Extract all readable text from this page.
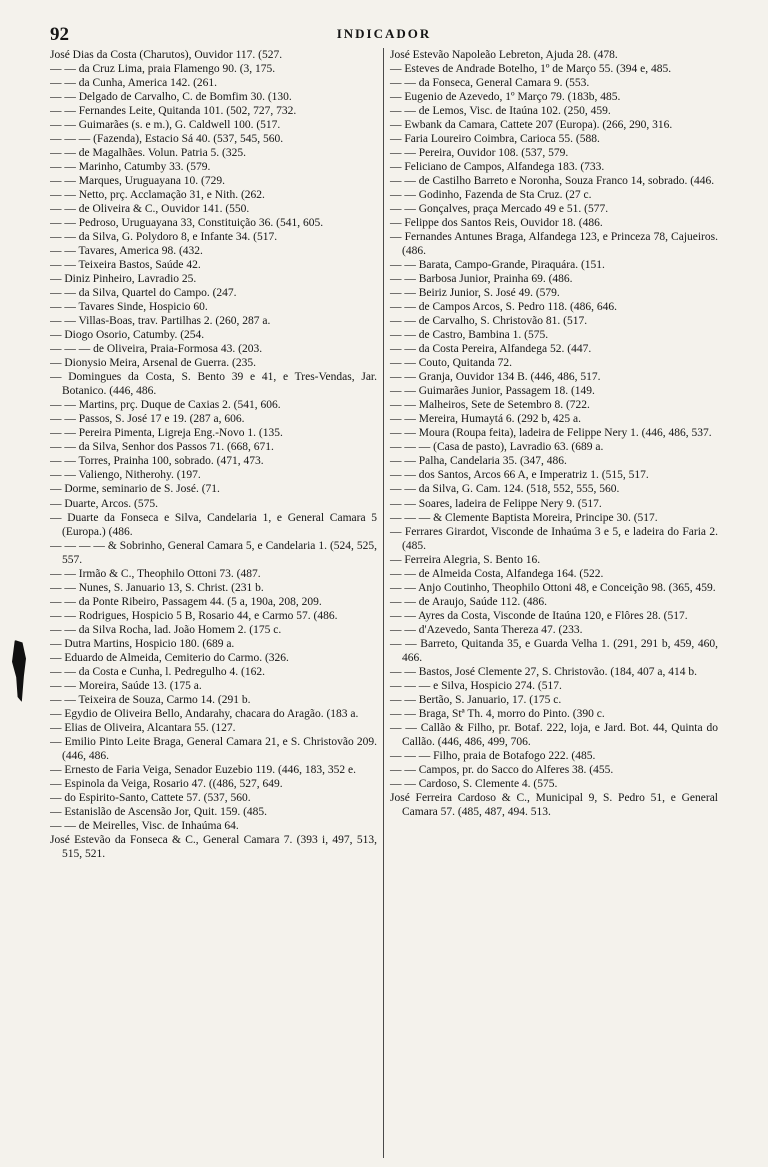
92	INDICADOR

José Dias da Costa (Charutos), Ouvidor 117. (527.

— — da Cruz Lima, praia Flamengo 90. (3, 175.

— — da Cunha, America 142. (261.

— — Delgado de Carvalho, C. de Bomfim 30. (130.

— — Fernandes Leite, Quitanda 101. (502, 727, 732.

— — Guimarães (s. e m.), G. Caldwell 100. (517.

— — — (Fazenda), Estacio Sá 40. (537, 545, 560.

— — de Magalhães. Volun. Patria 5. (325.

— — Marinho, Catumby 33. (579.

— — Marques, Uruguayana 10. (729.

— — Netto, prç. Acclamação 31, e Nith. (262.

— — de Oliveira & C., Ouvidor 141. (550.

— — Pedroso, Uruguayana 33, Constituição 36. (541, 605.

— — da Silva, G. Polydoro 8, e Infante 34. (517.

— — Tavares, America 98. (432.

— — Teixeira Bastos, Saúde 42.

— Diniz Pinheiro, Lavradio 25.

— — da Silva, Quartel do Campo. (247.

— — Tavares Sinde, Hospicio 60.

— — Villas-Boas, trav. Partilhas 2. (260, 287 a.

— Diogo Osorio, Catumby. (254.

— — — de Oliveira, Praia-Formosa 43. (203.

— Dionysio Meira, Arsenal de Guerra. (235.

— Domingues da Costa, S. Bento 39 e 41, e Tres-Vendas, Jar. Botanico. (446, 486.

— — Martins, prç. Duque de Caxias 2. (541, 606.

— — Passos, S. José 17 e 19. (287 a, 606.

— — Pereira Pimenta, Ligreja Eng.-Novo 1. (135.

— — da Silva, Senhor dos Passos 71. (668, 671.

— — Torres, Prainha 100, sobrado. (471, 473.

— — Valiengo, Nitherohy. (197.

— Dorme, seminario de S. José. (71.

— Duarte, Arcos. (575.

— Duarte da Fonseca e Silva, Candelaria 1, e General Camara 5 (Europa.) (486.

— — — — & Sobrinho, General Camara 5, e Candelaria 1. (524, 525, 557.

— — Irmão & C., Theophilo Ottoni 73. (487.

— — Nunes, S. Januario 13, S. Christ. (231 b.

— — da Ponte Ribeiro, Passagem 44. (5 a, 190a, 208, 209.

— — Rodrigues, Hospicio 5 B, Rosario 44, e Carmo 57. (486.

— — da Silva Rocha, lad. João Homem 2. (175 c.

— Dutra Martins, Hospicio 180. (689 a.

— Eduardo de Almeida, Cemiterio do Carmo. (326.

— — da Costa e Cunha, l. Pedregulho 4. (162.

— — Moreira, Saúde 13. (175 a.

— — Teixeira de Souza, Carmo 14. (291 b.

— Egydio de Oliveira Bello, Andarahy, chacara do Aragão. (183 a.

— Elias de Oliveira, Alcantara 55. (127.

— Emilio Pinto Leite Braga, General Camara 21, e S. Christovão 209. (446, 486.

— Ernesto de Faria Veiga, Senador Euzebio 119. (446, 183, 352 e.

— Espinola da Veiga, Rosario 47. ((486, 527, 649.

— do Espirito-Santo, Cattete 57. (537, 560.

— Estanislão de Ascensão Jor, Quit. 159. (485.

— — de Meirelles, Visc. de Inhaúma 64.

José Estevão da Fonseca & C., General Camara 7. (393 i, 497, 513, 515, 521.

José Estevão Napoleão Lebreton, Ajuda 28. (478.

— Esteves de Andrade Botelho, 1º de Março 55. (394 e, 485.

— — da Fonseca, General Camara 9. (553.

— Eugenio de Azevedo, 1º Março 79. (183b, 485.

— — de Lemos, Visc. de Itaúna 102. (250, 459.

— Ewbank da Camara, Cattete 207 (Europa). (266, 290, 316.

— Faria Loureiro Coimbra, Carioca 55. (588.

— — Pereira, Ouvidor 108. (537, 579.

— Feliciano de Campos, Alfandega 183. (733.

— — de Castilho Barreto e Noronha, Souza Franco 14, sobrado. (446.

— — Godinho, Fazenda de Sta Cruz. (27 c.

— — Gonçalves, praça Mercado 49 e 51. (577.

— Felippe dos Santos Reis, Ouvidor 18. (486.

— Fernandes Antunes Braga, Alfandega 123, e Princeza 78, Cajueiros. (486.

— — Barata, Campo-Grande, Piraquára. (151.

— — Barbosa Junior, Prainha 69. (486.

— — Beiriz Junior, S. José 49. (579.

— — de Campos Arcos, S. Pedro 118. (486, 646.

— — de Carvalho, S. Christovão 81. (517.

— — de Castro, Bambina 1. (575.

— — da Costa Pereira, Alfandega 52. (447.

— — Couto, Quitanda 72.

— — Granja, Ouvidor 134 B. (446, 486, 517.

— — Guimarães Junior, Passagem 18. (149.

— — Malheiros, Sete de Setembro 8. (722.

— — Mereira, Humaytá 6. (292 b, 425 a.

— — Moura (Roupa feita), ladeira de Felippe Nery 1. (446, 486, 537.

— — — (Casa de pasto), Lavradio 63. (689 a.

— — Palha, Candelaria 35. (347, 486.

— — dos Santos, Arcos 66 A, e Imperatriz 1. (515, 517.

— — da Silva, G. Cam. 124. (518, 552, 555, 560.

— — Soares, ladeira de Felippe Nery 9. (517.

— — — & Clemente Baptista Moreira, Principe 30. (517.

— Ferrares Girardot, Visconde de Inhaúma 3 e 5, e ladeira do Faria 2. (485.

— Ferreira Alegria, S. Bento 16.

— — de Almeida Costa, Alfandega 164. (522.

— — Anjo Coutinho, Theophilo Ottoni 48, e Conceição 98. (365, 459.

— — de Araujo, Saúde 112. (486.

— — Ayres da Costa, Visconde de Itaúna 120, e Flôres 28. (517.

— — d'Azevedo, Santa Thereza 47. (233.

— — Barreto, Quitanda 35, e Guarda Velha 1. (291, 291 b, 459, 460, 466.

— — Bastos, José Clemente 27, S. Christovão. (184, 407 a, 414 b.

— — — e Silva, Hospicio 274. (517.

— — Bertão, S. Januario, 17. (175 c.

— — Braga, Stª Th. 4, morro do Pinto. (390 c.

— — Callão & Filho, pr. Botaf. 222, loja, e Jard. Bot. 44, Quinta do Callão. (446, 486, 499, 706.

— — — Filho, praia de Botafogo 222. (485.

— — Campos, pr. do Sacco do Alferes 38. (455.

— — Cardoso, S. Clemente 4. (575.

José Ferreira Cardoso & C., Municipal 9, S. Pedro 51, e General Camara 57. (485, 487, 494. 513.
